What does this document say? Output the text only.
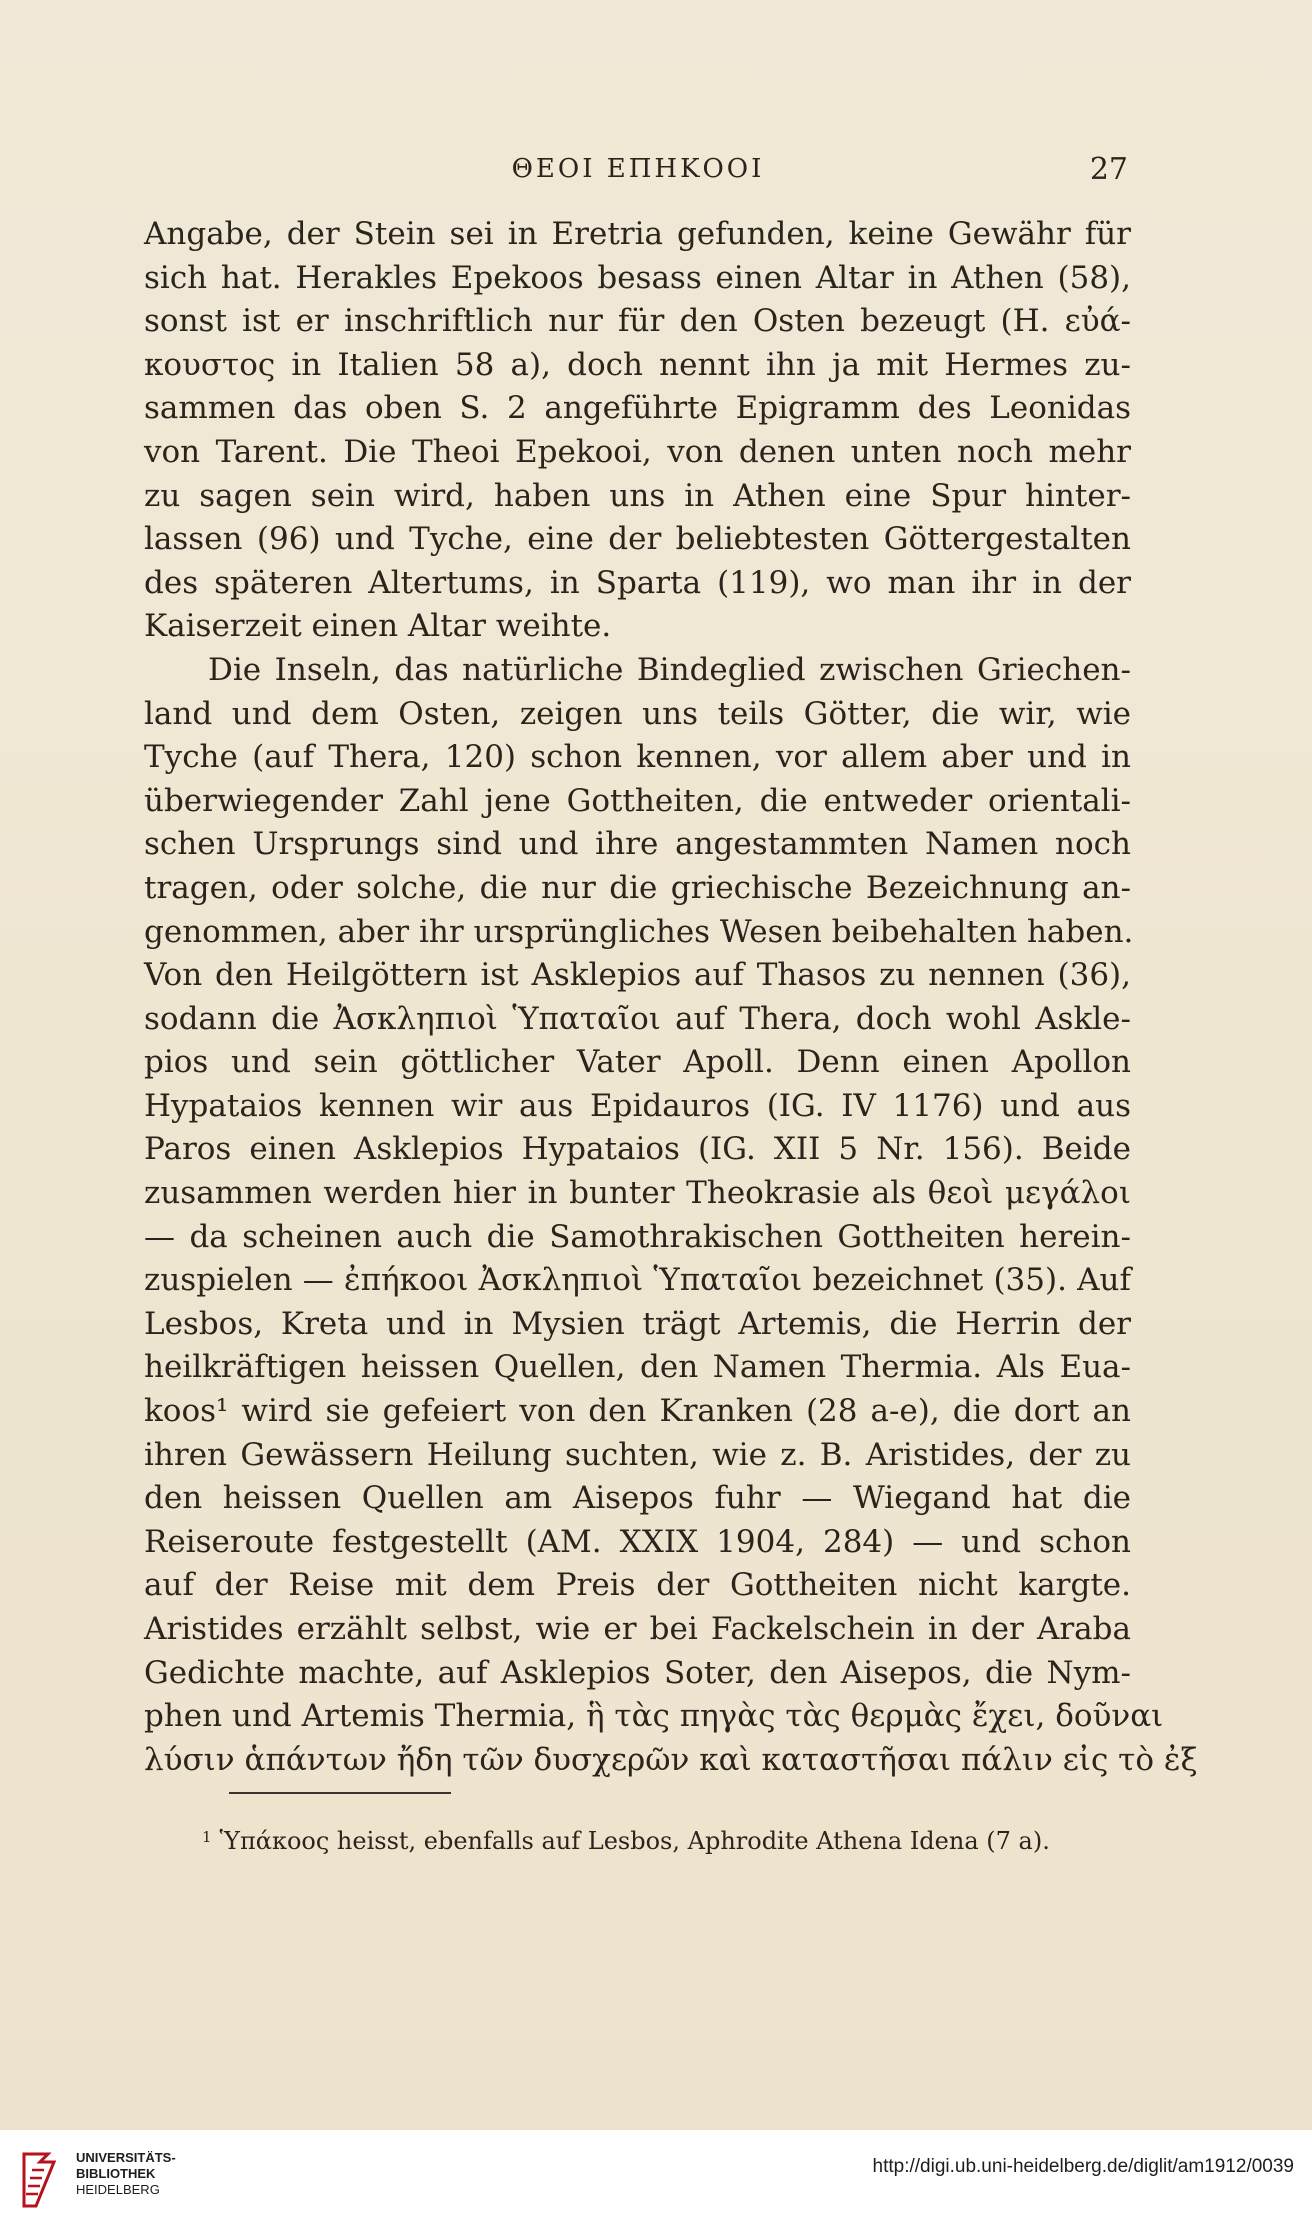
ΘΕΟΙ ΕΠΗΚΟΟΙ	27
Angabe, der Stein sei in Eretria gefunden, keine Gewähr für
sich hat. Herakles Epekoos besass einen Altar in Athen (58),
sonst ist er inschriftlich nur für den Osten bezeugt (H. εὐά-
κουστος in Italien 58 a), doch nennt ihn ja mit Hermes zu-
sammen das oben S. 2 angeführte Epigramm des Leonidas
von Tarent. Die Theoi Epekooi, von denen unten noch mehr
zu sagen sein wird, haben uns in Athen eine Spur hinter-
lassen (96) und Tyche, eine der beliebtesten Göttergestalten
des späteren Altertums, in Sparta (119), wo man ihr in der
Kaiserzeit einen Altar weihte.
Die Inseln, das natürliche Bindeglied zwischen Griechen-
land und dem Osten, zeigen uns teils Götter, die wir, wie
Tyche (auf Thera, 120) schon kennen, vor allem aber und in
überwiegender Zahl jene Gottheiten, die entweder orientali-
schen Ursprungs sind und ihre angestammten Namen noch
tragen, oder solche, die nur die griechische Bezeichnung an-
genommen, aber ihr ursprüngliches Wesen beibehalten haben.
Von den Heilgöttern ist Asklepios auf Thasos zu nennen (36),
sodann die Ἀσκληπιοὶ Ὑπαταῖοι auf Thera, doch wohl Askle-
pios und sein göttlicher Vater Apoll. Denn einen Apollon
Hypataios kennen wir aus Epidauros (IG. IV 1176) und aus
Paros einen Asklepios Hypataios (IG. XII 5 Nr. 156). Beide
zusammen werden hier in bunter Theokrasie als θεοὶ μεγάλοι
— da scheinen auch die Samothrakischen Gottheiten herein-
zuspielen — ἐπήκοοι Ἀσκληπιοὶ Ὑπαταῖοι bezeichnet (35). Auf
Lesbos, Kreta und in Mysien trägt Artemis, die Herrin der
heilkräftigen heissen Quellen, den Namen Thermia. Als Eua-
koos¹ wird sie gefeiert von den Kranken (28 a-e), die dort an
ihren Gewässern Heilung suchten, wie z. B. Aristides, der zu
den heissen Quellen am Aisepos fuhr — Wiegand hat die
Reiseroute festgestellt (AM. XXIX 1904, 284) — und schon
auf der Reise mit dem Preis der Gottheiten nicht kargte.
Aristides erzählt selbst, wie er bei Fackelschein in der Araba
Gedichte machte, auf Asklepios Soter, den Aisepos, die Nym-
phen und Artemis Thermia, ἣ τὰς πηγὰς τὰς θερμὰς ἔχει, δοῦναι
λύσιν ἁπάντων ἤδη τῶν δυσχερῶν καὶ καταστῆσαι πάλιν εἰς τὸ ἐξ
$^1$ Ὑπάκοος heisst, ebenfalls auf Lesbos, Aphrodite Athena Idena (7 a).
UNIVERSITÄTS-
BIBLIOTHEK
HEIDELBERG
http://digi.ub.uni-heidelberg.de/diglit/am1912/0039
